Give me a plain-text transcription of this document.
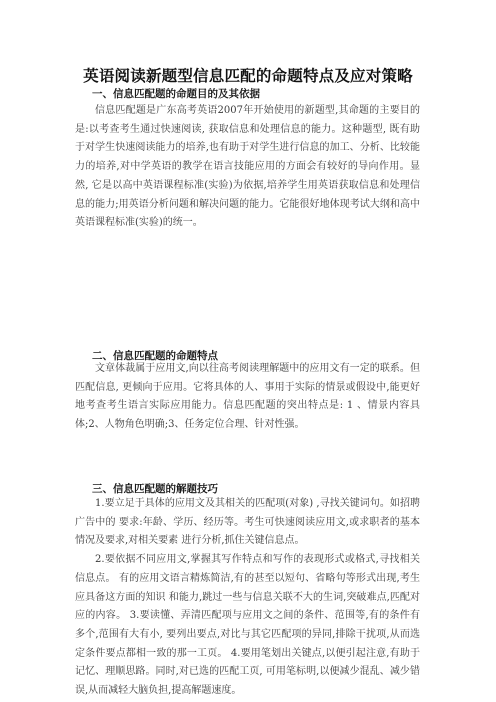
英语阅读新题型信息匹配的命题特点及应对策略
一、信息匹配题的命题目的及其依据

信息匹配题是广东高考英语2007年开始使用的新题型,其命题的主要目的是:以考查考生通过快速阅读, 获取信息和处理信息的能力。这种题型, 既有助于对学生快速阅读能力的培养,也有助于对学生进行信息的加工、分析、比较能力的培养,对中学英语的教学在语言技能应用的方面会有较好的导向作用。显然, 它是以高中英语课程标准(实验)为依据,培养学生用英语获取信息和处理信息的能力;用英语分析问题和解决问题的能力。它能很好地体现考试大纲和高中英语课程标准(实验)的统一。

二、信息匹配题的命题特点

文章体裁属于应用文,向以往高考阅读理解题中的应用文有一定的联系。但匹配信息, 更倾向于应用。它将具体的人、事用于实际的情景或假设中,能更好地考查考生语言实际应用能力。信息匹配题的突出特点是: 1 、情景内容具体;2、人物角色明确;3、任务定位合理、针对性强。

三、信息匹配题的解题技巧

1.要立足于具体的应用文及其相关的匹配项(对象) ,寻找关键词句。如招聘广告中的 要求:年龄、学历、经历等。考生可快速阅读应用文,或求职者的基本情况及要求,对相关要素 进行分析,抓住关键信息点。

2.要依据不同应用文,掌握其写作特点和写作的表现形式或格式,寻找相关信息点。 有的应用文语言精炼简洁,有的甚至以短句、省略句等形式出现,考生应具备这方面的知识 和能力,跳过一些与信息关联不大的生词,突破难点,匹配对应的内容。 3.要读懂、弄清匹配项与应用文之间的条件、范围等,有的条件有多个,范围有大有小, 要列出要点,对比与其它匹配项的异同,排除干扰项,从而选定条件要点都相一致的那一工页。 4.要用笔划出关键点,以便引起注意,有助于记忆、理顺思路。同时,对已选的匹配工页, 可用笔标明,以便减少混乱、减少错误,从而减轻大脑负担,提高解题速度。
